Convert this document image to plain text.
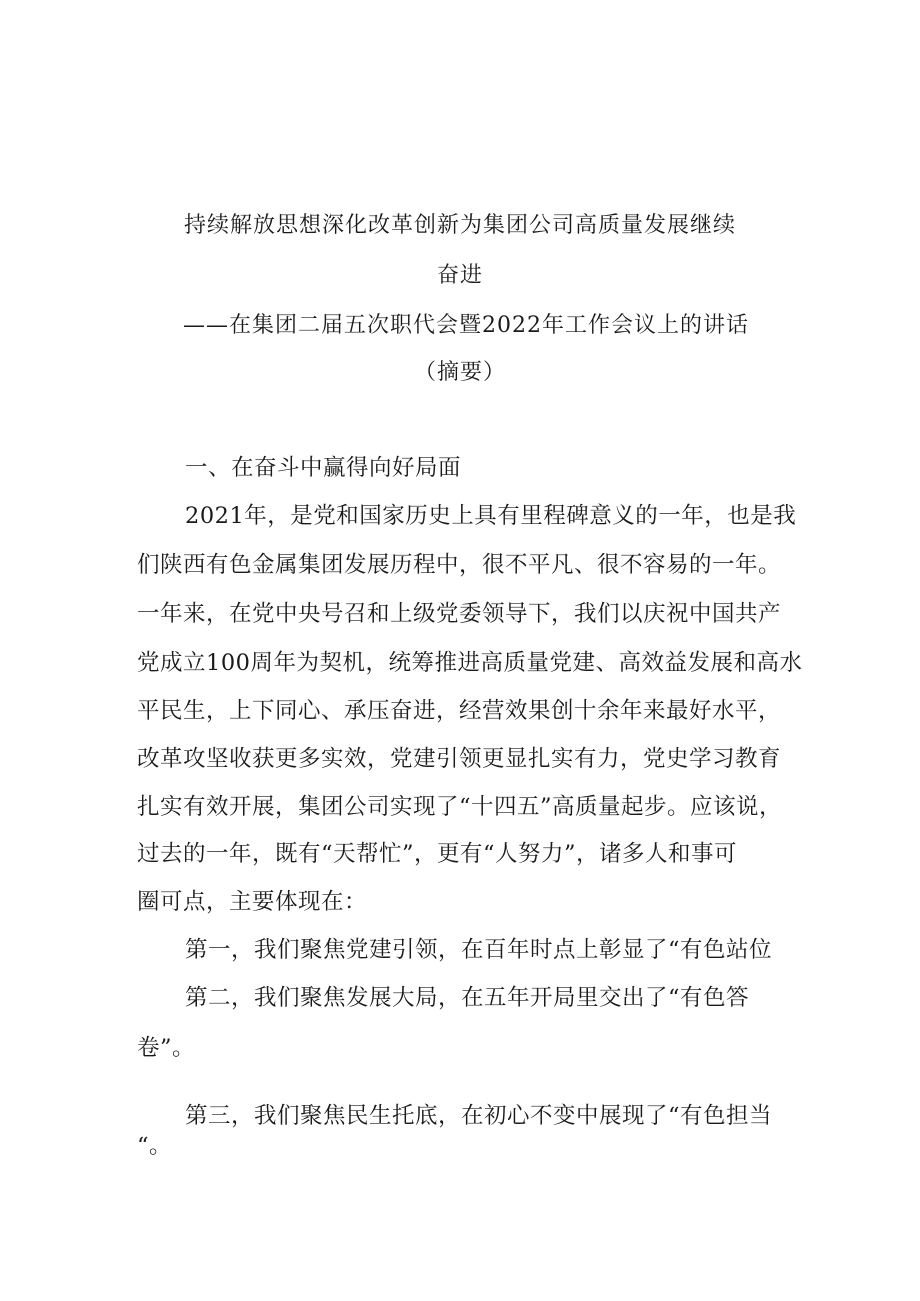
持续解放思想深化改革创新为集团公司高质量发展继续
奋进
——在集团二届五次职代会暨2022年工作会议上的讲话
（摘要）
一、在奋斗中赢得向好局面
2021年，是党和国家历史上具有里程碑意义的一年，也是我
们陕西有色金属集团发展历程中，很不平凡、很不容易的一年。
一年来，在党中央号召和上级党委领导下，我们以庆祝中国共产
党成立100周年为契机，统筹推进高质量党建、高效益发展和高水
平民生，上下同心、承压奋进，经营效果创十余年来最好水平，
改革攻坚收获更多实效，党建引领更显扎实有力，党史学习教育
扎实有效开展，集团公司实现了“十四五”高质量起步。应该说，
过去的一年，既有“天帮忙”，更有“人努力”，诸多人和事可
圈可点，主要体现在：
第一，我们聚焦党建引领，在百年时点上彰显了“有色站位
第二，我们聚焦发展大局，在五年开局里交出了“有色答
卷”。
第三，我们聚焦民生托底，在初心不变中展现了“有色担当
“。
